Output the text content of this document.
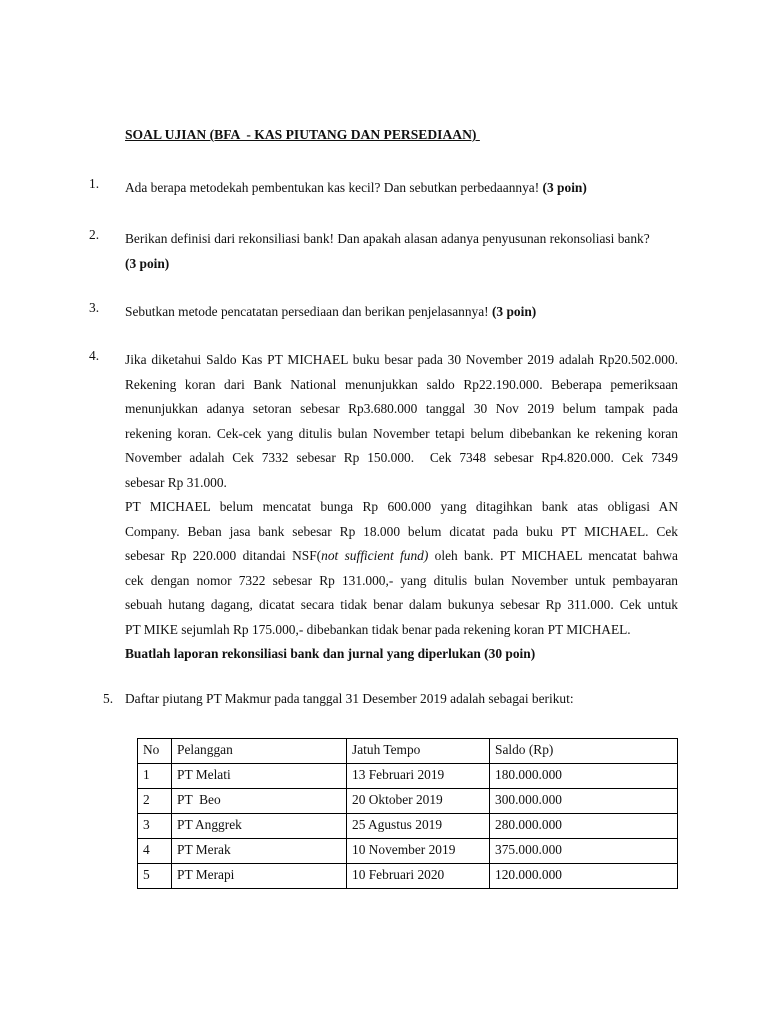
SOAL UJIAN (BFA  - KAS PIUTANG DAN PERSEDIAAN)
1. Ada berapa metodekah pembentukan kas kecil? Dan sebutkan perbedaannya! (3 poin)
2. Berikan definisi dari rekonsiliasi bank! Dan apakah alasan adanya penyusunan rekonsoliasi bank?
(3 poin)
3. Sebutkan metode pencatatan persediaan dan berikan penjelasannya! (3 poin)
4. Jika diketahui Saldo Kas PT MICHAEL buku besar pada 30 November 2019 adalah Rp20.502.000.
Rekening koran dari Bank National menunjukkan saldo Rp22.190.000. Beberapa pemeriksaan
menunjukkan adanya setoran sebesar Rp3.680.000 tanggal 30 Nov 2019 belum tampak pada
rekening koran. Cek-cek yang ditulis bulan November tetapi belum dibebankan ke rekening koran
November adalah Cek 7332 sebesar Rp 150.000.  Cek 7348 sebesar Rp4.820.000. Cek 7349
sebesar Rp 31.000.
PT MICHAEL belum mencatat bunga Rp 600.000 yang ditagihkan bank atas obligasi AN
Company. Beban jasa bank sebesar Rp 18.000 belum dicatat pada buku PT MICHAEL. Cek
sebesar Rp 220.000 ditandai NSF(not sufficient fund) oleh bank. PT MICHAEL mencatat bahwa
cek dengan nomor 7322 sebesar Rp 131.000,- yang ditulis bulan November untuk pembayaran
sebuah hutang dagang, dicatat secara tidak benar dalam bukunya sebesar Rp 311.000. Cek untuk
PT MIKE sejumlah Rp 175.000,- dibebankan tidak benar pada rekening koran PT MICHAEL.
Buatlah laporan rekonsiliasi bank dan jurnal yang diperlukan (30 poin)
5. Daftar piutang PT Makmur pada tanggal 31 Desember 2019 adalah sebagai berikut:
No	Pelanggan	Jatuh Tempo	Saldo (Rp)
1	PT Melati	13 Februari 2019	180.000.000
2	PT  Beo	20 Oktober 2019	300.000.000
3	PT Anggrek	25 Agustus 2019	280.000.000
4	PT Merak	10 November 2019	375.000.000
5	PT Merapi	10 Februari 2020	120.000.000
